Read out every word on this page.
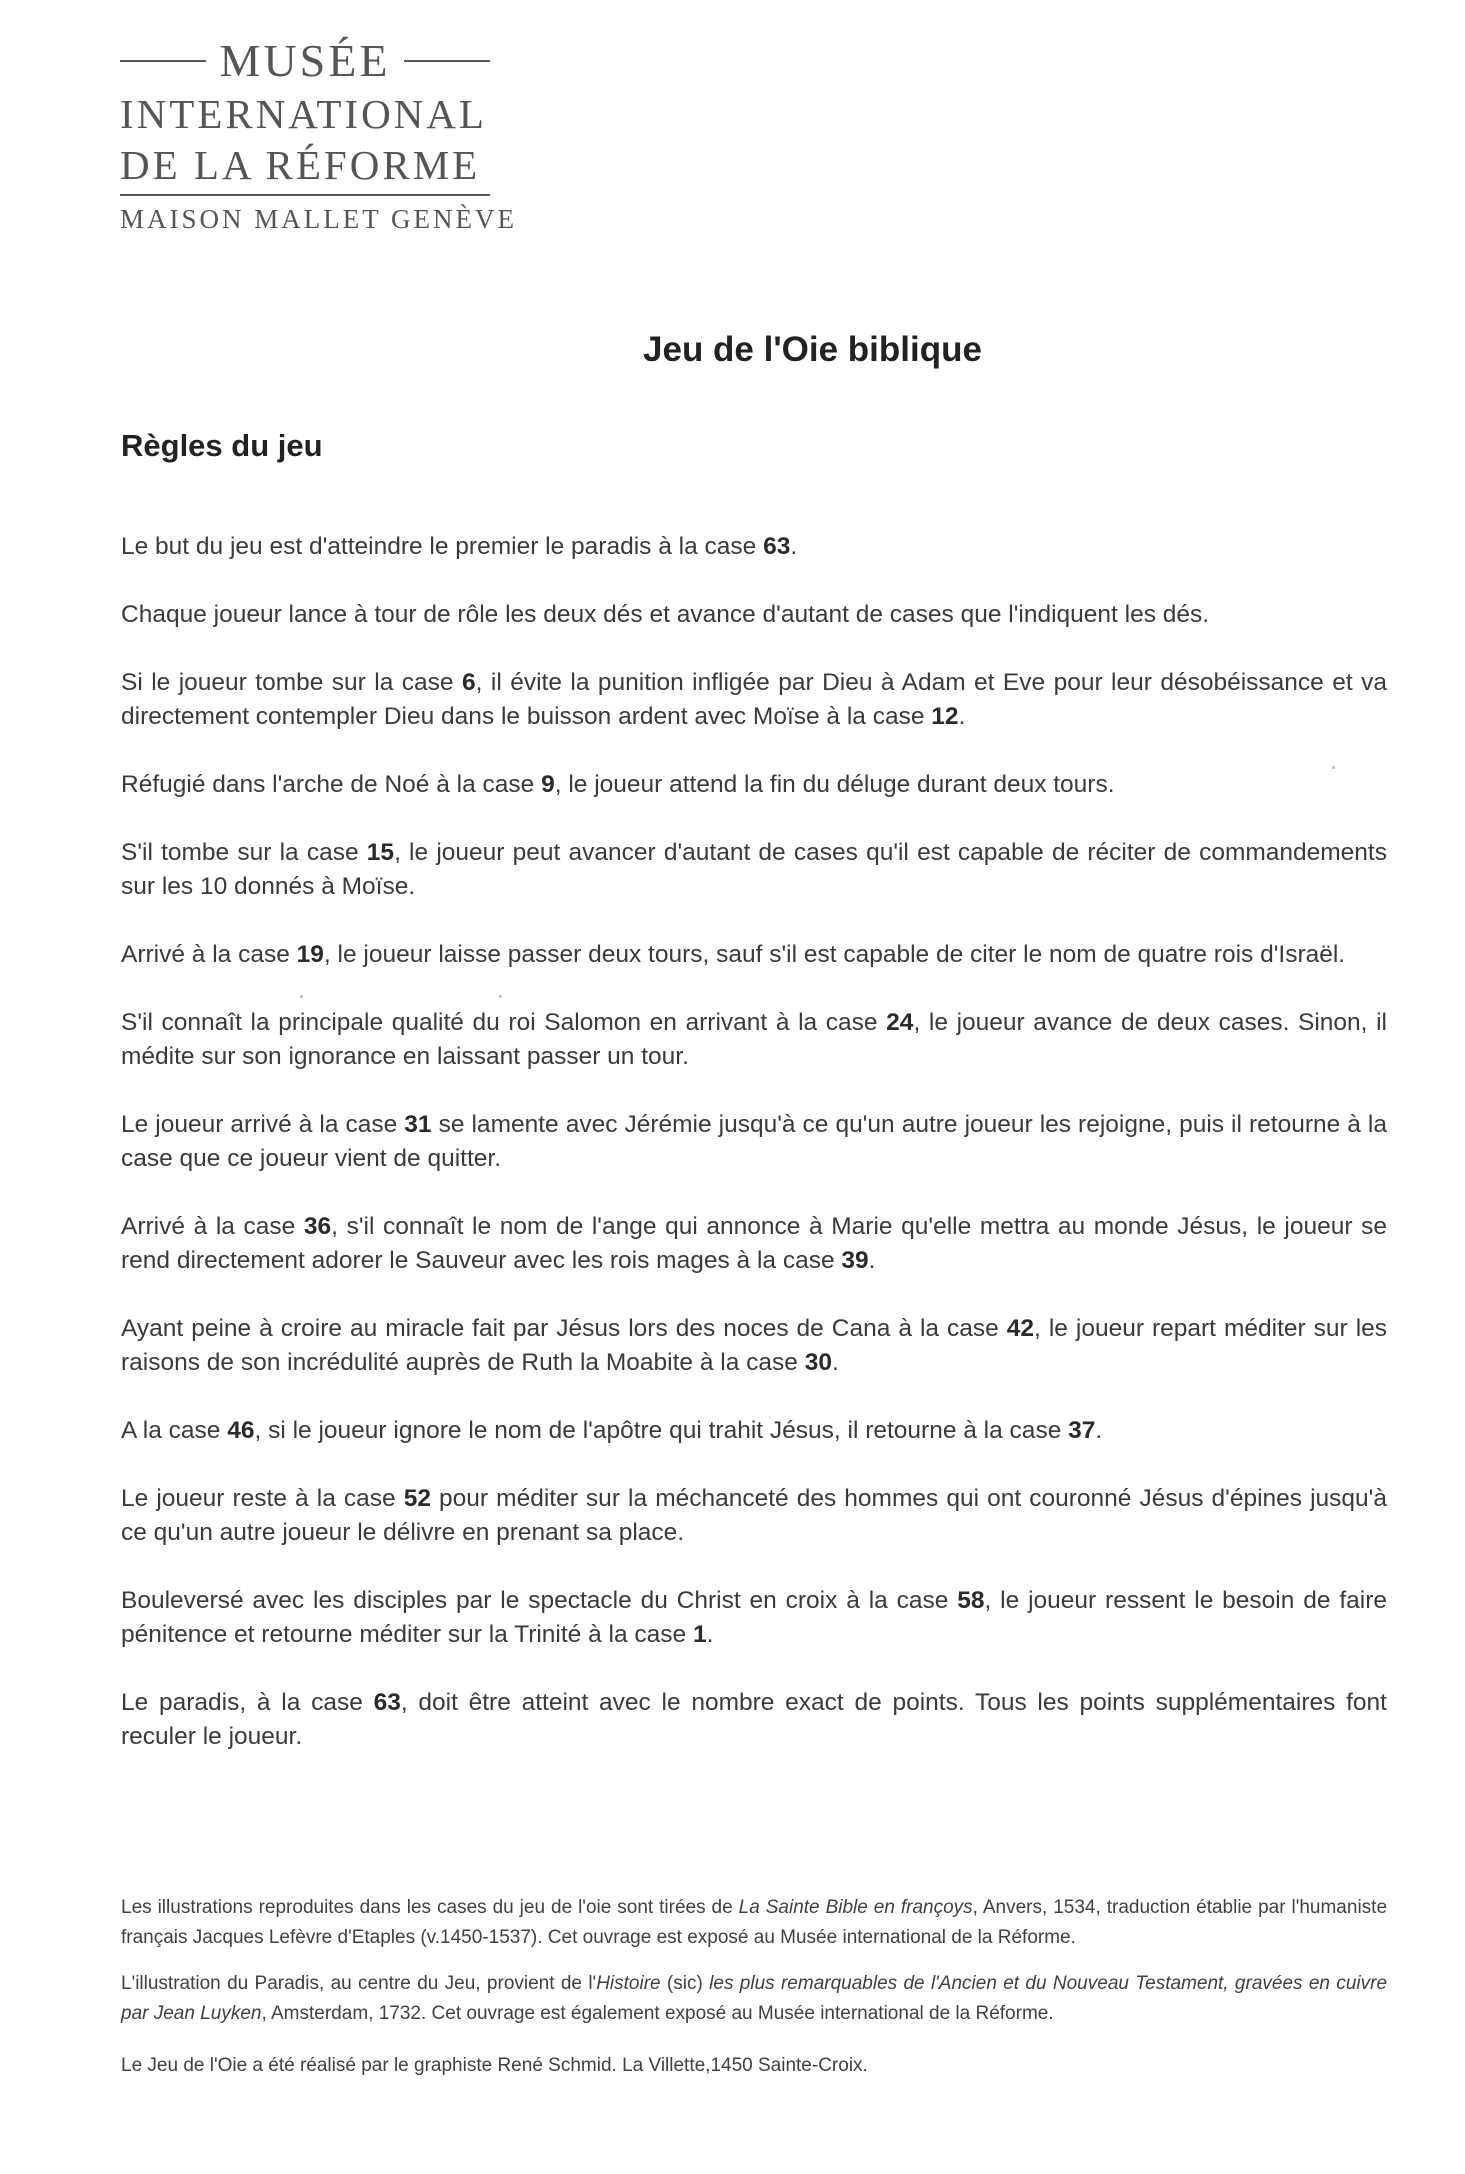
MUSÉE
INTERNATIONAL
DE LA RÉFORME
MAISON MALLET GENÈVE
Jeu de l'Oie biblique
Règles du jeu

Le but du jeu est d'atteindre le premier le paradis à la case 63.

Chaque joueur lance à tour de rôle les deux dés et avance d'autant de cases que l'indiquent les dés.

Si le joueur tombe sur la case 6, il évite la punition infligée par Dieu à Adam et Eve pour leur désobéissance et va directement contempler Dieu dans le buisson ardent avec Moïse à la case 12.

Réfugié dans l'arche de Noé à la case 9, le joueur attend la fin du déluge durant deux tours.

S'il tombe sur la case 15, le joueur peut avancer d'autant de cases qu'il est capable de réciter de commandements sur les 10 donnés à Moïse.

Arrivé à la case 19, le joueur laisse passer deux tours, sauf s'il est capable de citer le nom de quatre rois d'Israël.

S'il connaît la principale qualité du roi Salomon en arrivant à la case 24, le joueur avance de deux cases. Sinon, il médite sur son ignorance en laissant passer un tour.

Le joueur arrivé à la case 31 se lamente avec Jérémie jusqu'à ce qu'un autre joueur les rejoigne, puis il retourne à la case que ce joueur vient de quitter.

Arrivé à la case 36, s'il connaît le nom de l'ange qui annonce à Marie qu'elle mettra au monde Jésus, le joueur se rend directement adorer le Sauveur avec les rois mages à la case 39.

Ayant peine à croire au miracle fait par Jésus lors des noces de Cana à la case 42, le joueur repart méditer sur les raisons de son incrédulité auprès de Ruth la Moabite à la case 30.

A la case 46, si le joueur ignore le nom de l'apôtre qui trahit Jésus, il retourne à la case 37.

Le joueur reste à la case 52 pour méditer sur la méchanceté des hommes qui ont couronné Jésus d'épines jusqu'à ce qu'un autre joueur le délivre en prenant sa place.

Bouleversé avec les disciples par le spectacle du Christ en croix à la case 58, le joueur ressent le besoin de faire pénitence et retourne méditer sur la Trinité à la case 1.

Le paradis, à la case 63, doit être atteint avec le nombre exact de points. Tous les points supplémentaires font reculer le joueur.

Les illustrations reproduites dans les cases du jeu de l'oie sont tirées de La Sainte Bible en françoys, Anvers, 1534, traduction établie par l'humaniste français Jacques Lefèvre d'Etaples (v.1450-1537). Cet ouvrage est exposé au Musée international de la Réforme.

L'illustration du Paradis, au centre du Jeu, provient de l'Histoire (sic) les plus remarquables de l'Ancien et du Nouveau Testament, gravées en cuivre par Jean Luyken, Amsterdam, 1732. Cet ouvrage est également exposé au Musée international de la Réforme.

Le Jeu de l'Oie a été réalisé par le graphiste René Schmid. La Villette,1450 Sainte-Croix.
